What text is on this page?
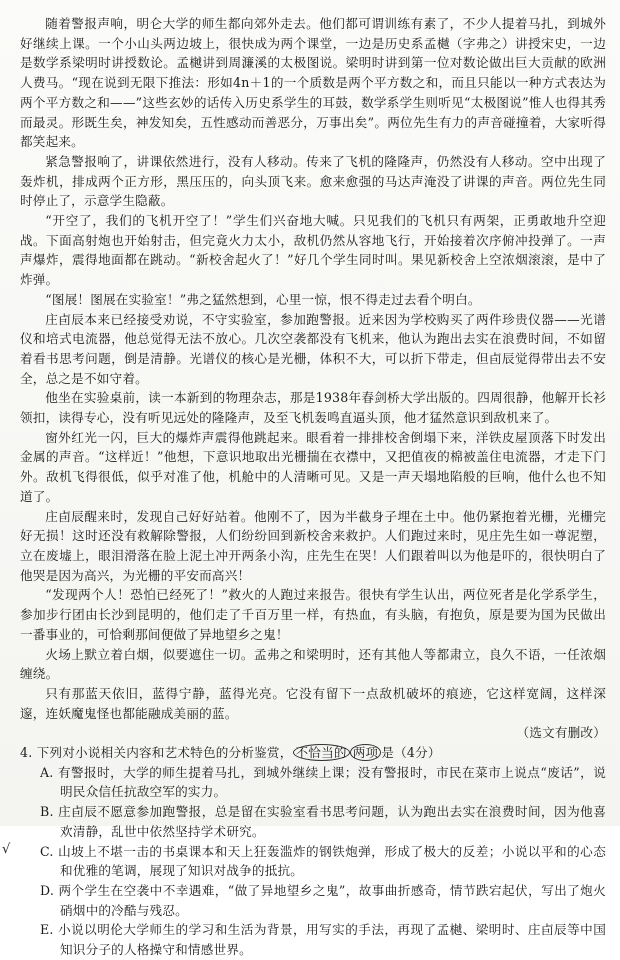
随着警报声响，明仑大学的师生都向郊外走去。他们都可谓训练有素了，不少人提着马扎，到城外好继续上课。一个小山头两边坡上，很快成为两个课堂，一边是历史系孟樾（字弗之）讲授宋史，一边是数学系梁明时讲授数论。孟樾讲到周濂溪的太极图说。梁明时讲到第一位对数论做出巨大贡献的欧洲人费马。“现在说到无限下推法：形如4n＋1的一个质数是两个平方数之和，而且只能以一种方式表达为两个平方数之和——”这些玄妙的话传入历史系学生的耳鼓，数学系学生则听见“太极图说”惟人也得其秀而最灵。形既生矣，神发知矣，五性感动而善恶分，万事出矣”。两位先生有力的声音碰撞着，大家听得都笑起来。

紧急警报响了，讲课依然进行，没有人移动。传来了飞机的隆隆声，仍然没有人移动。空中出现了轰炸机，排成两个正方形，黑压压的，向头顶飞来。愈来愈强的马达声淹没了讲课的声音。两位先生同时停止了，示意学生隐蔽。

“开空了，我们的飞机开空了！”学生们兴奋地大喊。只见我们的飞机只有两架，正勇敢地升空迎战。下面高射炮也开始射击，但完竟火力太小，敌机仍然从容地飞行，开始接着次序俯冲投弹了。一声声爆炸，震得地面都在跳动。“新校舍起火了！”好几个学生同时叫。果见新校舍上空浓烟滚滚，是中了炸弹。

“图展！图展在实验室！”弗之猛然想到，心里一惊，恨不得走过去看个明白。

庄卣辰本来已经接受劝说，不守实验室，参加跑警报。近来因为学校购买了两件珍贵仪器——光谱仪和培式电流器，他总觉得无法不放心。几次空袭都没有飞机来，他认为跑出去实在浪费时间，不如留着看书思考问题，倒是清静。光谱仪的核心是光栅，体积不大，可以折下带走，但卣辰觉得带出去不安全，总之是不如守着。

他坐在实验桌前，读一本新到的物理杂志，那是1938年春剑桥大学出版的。四周很静，他解开长衫领扣，读得专心，没有听见远处的隆隆声，及至飞机轰鸣直逼头顶，他才猛然意识到敌机来了。

窗外红光一闪，巨大的爆炸声震得他跳起来。眼看着一排排校舍倒塌下来，洋铁皮屋顶落下时发出金属的声音。“这样近！”他想，下意识地取出光栅揣在衣襟中，又把值夜的棉被盖住电流器，才走下门外。敌机飞得很低，似乎对准了他，机舱中的人清晰可见。又是一声天塌地陷般的巨响，他什么也不知道了。

庄卣辰醒来时，发现自己好好站着。他刚不了，因为半截身子埋在土中。他仍紧抱着光栅，光栅完好无损！这时还没有救解除警报，人们纷纷回到新校舍来救护。人们跑过来时，见庄先生如一尊泥塑，立在废墟上，眼泪滑落在脸上泥土冲开两条小沟，庄先生在哭！人们跟着叫以为他是吓的，很快明白了他哭是因为高兴，为光栅的平安而高兴！

“发现两个人！恐怕已经死了！”救火的人跑过来报告。很快有学生认出，两位死者是化学系学生，参加步行团由长沙到昆明的，他们走了千百万里一样，有热血，有头脑，有抱负，原是要为国为民做出一番事业的，可恰剩那间便做了异地望乡之鬼！

火场上默立着白烟，似要遮住一切。孟弗之和梁明时，还有其他人等都肃立，良久不语，一任浓烟缠绕。

只有那蓝天依旧，蓝得宁静，蓝得光亮。它没有留下一点敌机破坏的痕迹，它这样宽阔，这样深邃，连妖魔鬼怪也都能融成美丽的蓝。
（选文有删改）

4. 下列对小说相关内容和艺术特色的分析鉴赏， 不恰当的 两项 是（4分）
A. 有警报时，大学的师生提着马扎，到城外继续上课；没有警报时，市民在菜市上说点“废话”，说明民众信任抗敌空军的实力。
B. 庄卣辰不愿意参加跑警报，总是留在实验室看书思考问题，认为跑出去实在浪费时间，因为他喜欢清静，乱世中依然坚持学术研究。
√	C. 山坡上不堪一击的书桌课本和天上狂轰滥炸的钢铁炮弹，形成了极大的反差；小说以平和的心态和优雅的笔调，展现了知识对战争的抵抗。
D. 两个学生在空袭中不幸遇难，“做了异地望乡之鬼”，故事曲折感奇，情节跌宕起伏，写出了炮火硝烟中的冷酷与残忍。
E. 小说以明伦大学师生的学习和生活为背景，用写实的手法，再现了孟樾、梁明时、庄卣辰等中国知识分子的人格操守和情感世界。
